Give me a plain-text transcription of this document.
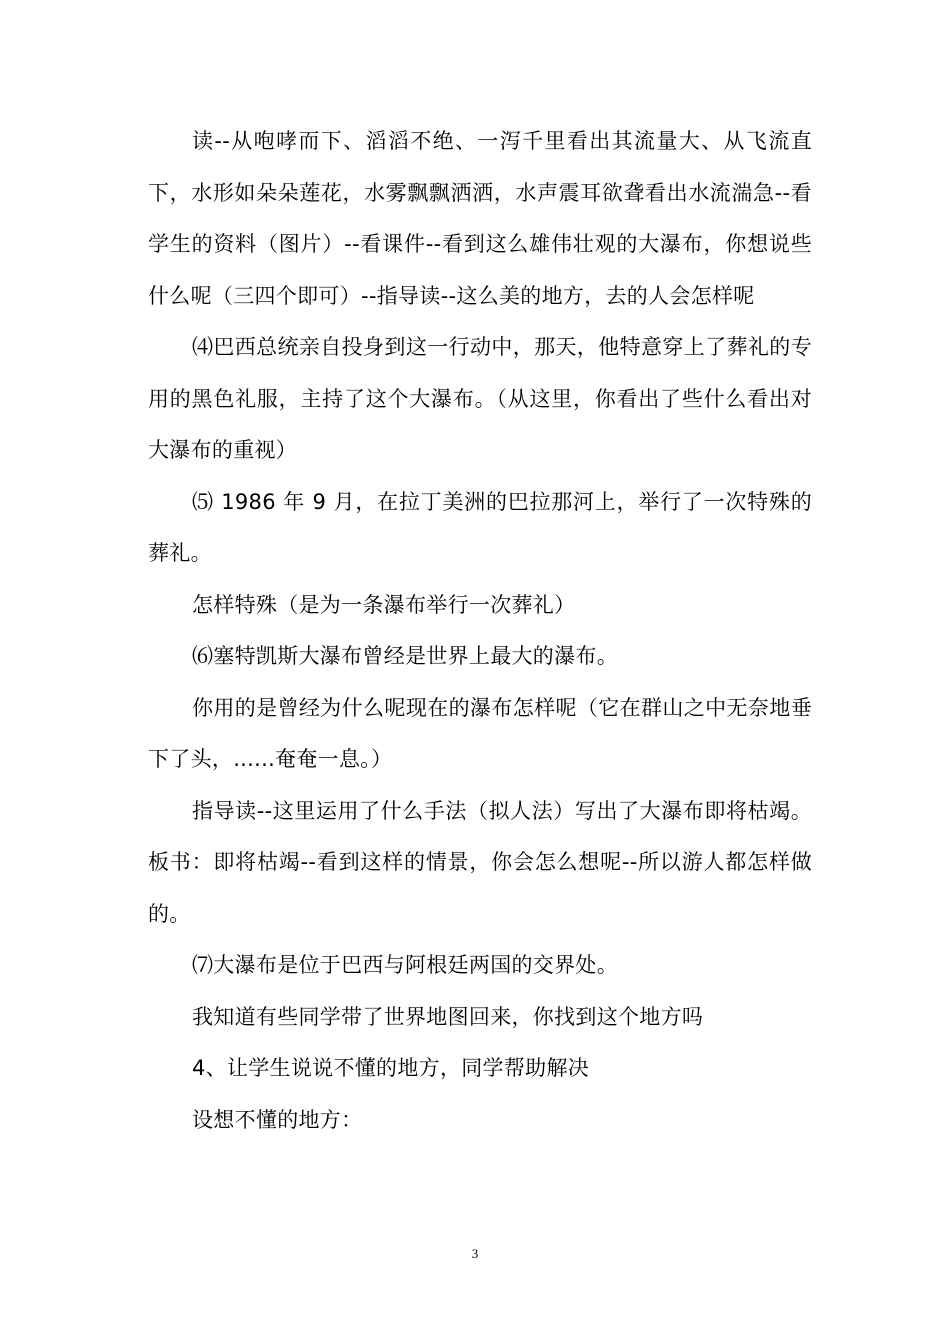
读--从咆哮而下、滔滔不绝、一泻千里看出其流量大、从飞流直下，水形如朵朵莲花，水雾飘飘洒洒，水声震耳欲聋看出水流湍急--看学生的资料（图片）--看课件--看到这么雄伟壮观的大瀑布，你想说些什么呢（三四个即可）--指导读--这么美的地方，去的人会怎样呢

⑷巴西总统亲自投身到这一行动中，那天，他特意穿上了葬礼的专用的黑色礼服，主持了这个大瀑布。（从这里，你看出了些什么看出对大瀑布的重视）

⑸ 1986 年 9 月，在拉丁美洲的巴拉那河上，举行了一次特殊的葬礼。

怎样特殊（是为一条瀑布举行一次葬礼）

⑹塞特凯斯大瀑布曾经是世界上最大的瀑布。

你用的是曾经为什么呢现在的瀑布怎样呢（它在群山之中无奈地垂下了头，......奄奄一息。）

指导读--这里运用了什么手法（拟人法）写出了大瀑布即将枯竭。板书：即将枯竭--看到这样的情景，你会怎么想呢--所以游人都怎样做的。

⑺大瀑布是位于巴西与阿根廷两国的交界处。

我知道有些同学带了世界地图回来，你找到这个地方吗

4、让学生说说不懂的地方，同学帮助解决

设想不懂的地方：

3
